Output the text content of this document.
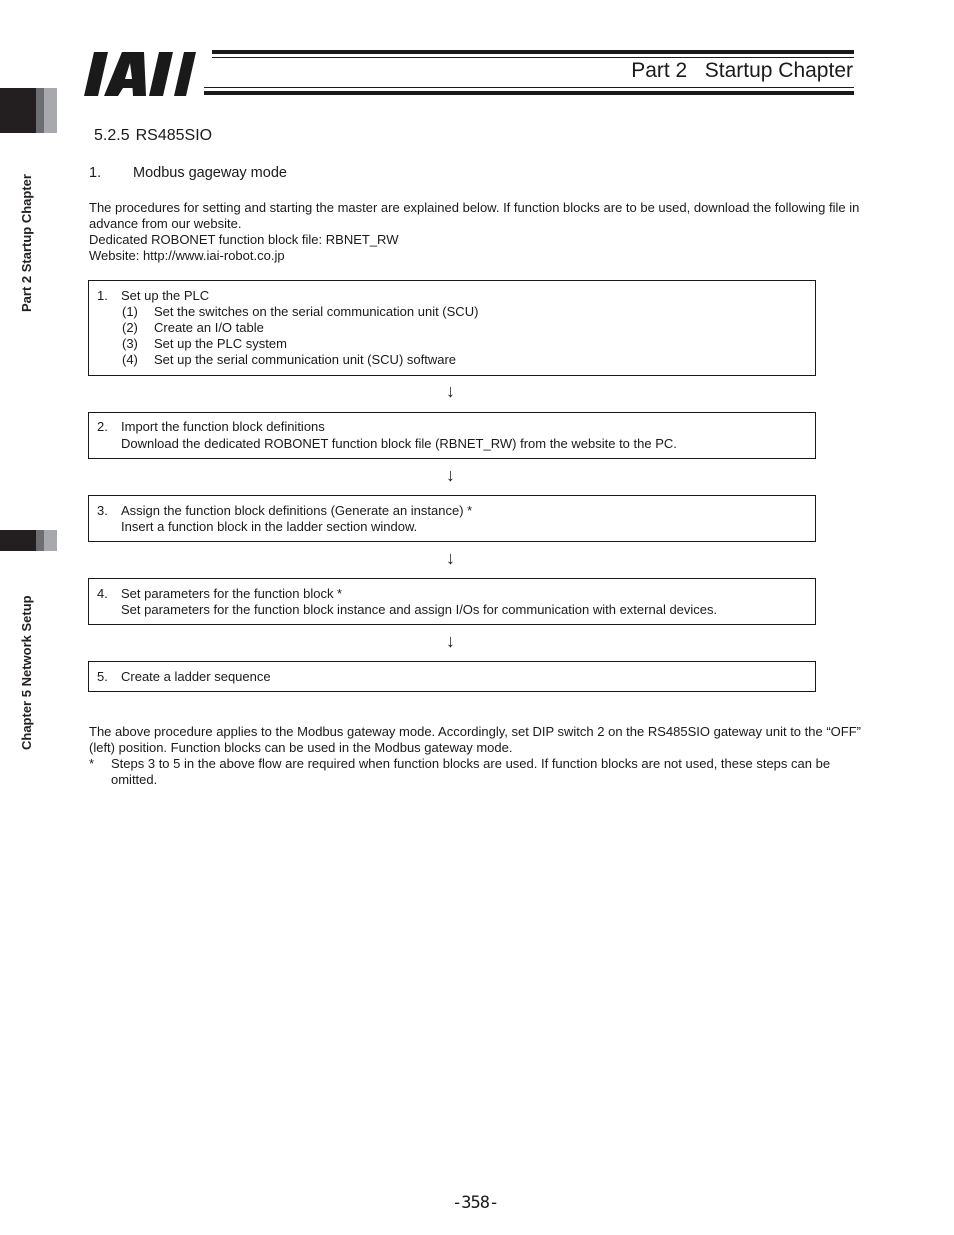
Part 2   Startup Chapter
Part 2 Startup Chapter
Chapter 5 Network Setup
5.2.5 RS485SIO
1. Modbus gageway mode

The procedures for setting and starting the master are explained below. If function blocks are to be used, download the following file in advance from our website.

Dedicated ROBONET function block file: RBNET_RW

Website: http://www.iai-robot.co.jp

1. Set up the PLC
(1) Set the switches on the serial communication unit (SCU)
(2) Create an I/O table
(3) Set up the PLC system
(4) Set up the serial communication unit (SCU) software
↓
2. Import the function block definitions
Download the dedicated ROBONET function block file (RBNET_RW) from the website to the PC.
↓
3. Assign the function block definitions (Generate an instance) *
Insert a function block in the ladder section window.
↓
4. Set parameters for the function block *
Set parameters for the function block instance and assign I/Os for communication with external devices.
↓
5. Create a ladder sequence

The above procedure applies to the Modbus gateway mode. Accordingly, set DIP switch 2 on the RS485SIO gateway unit to the “OFF” (left) position. Function blocks can be used in the Modbus gateway mode.

* Steps 3 to 5 in the above flow are required when function blocks are used. If function blocks are not used, these steps can be omitted.
-358-
